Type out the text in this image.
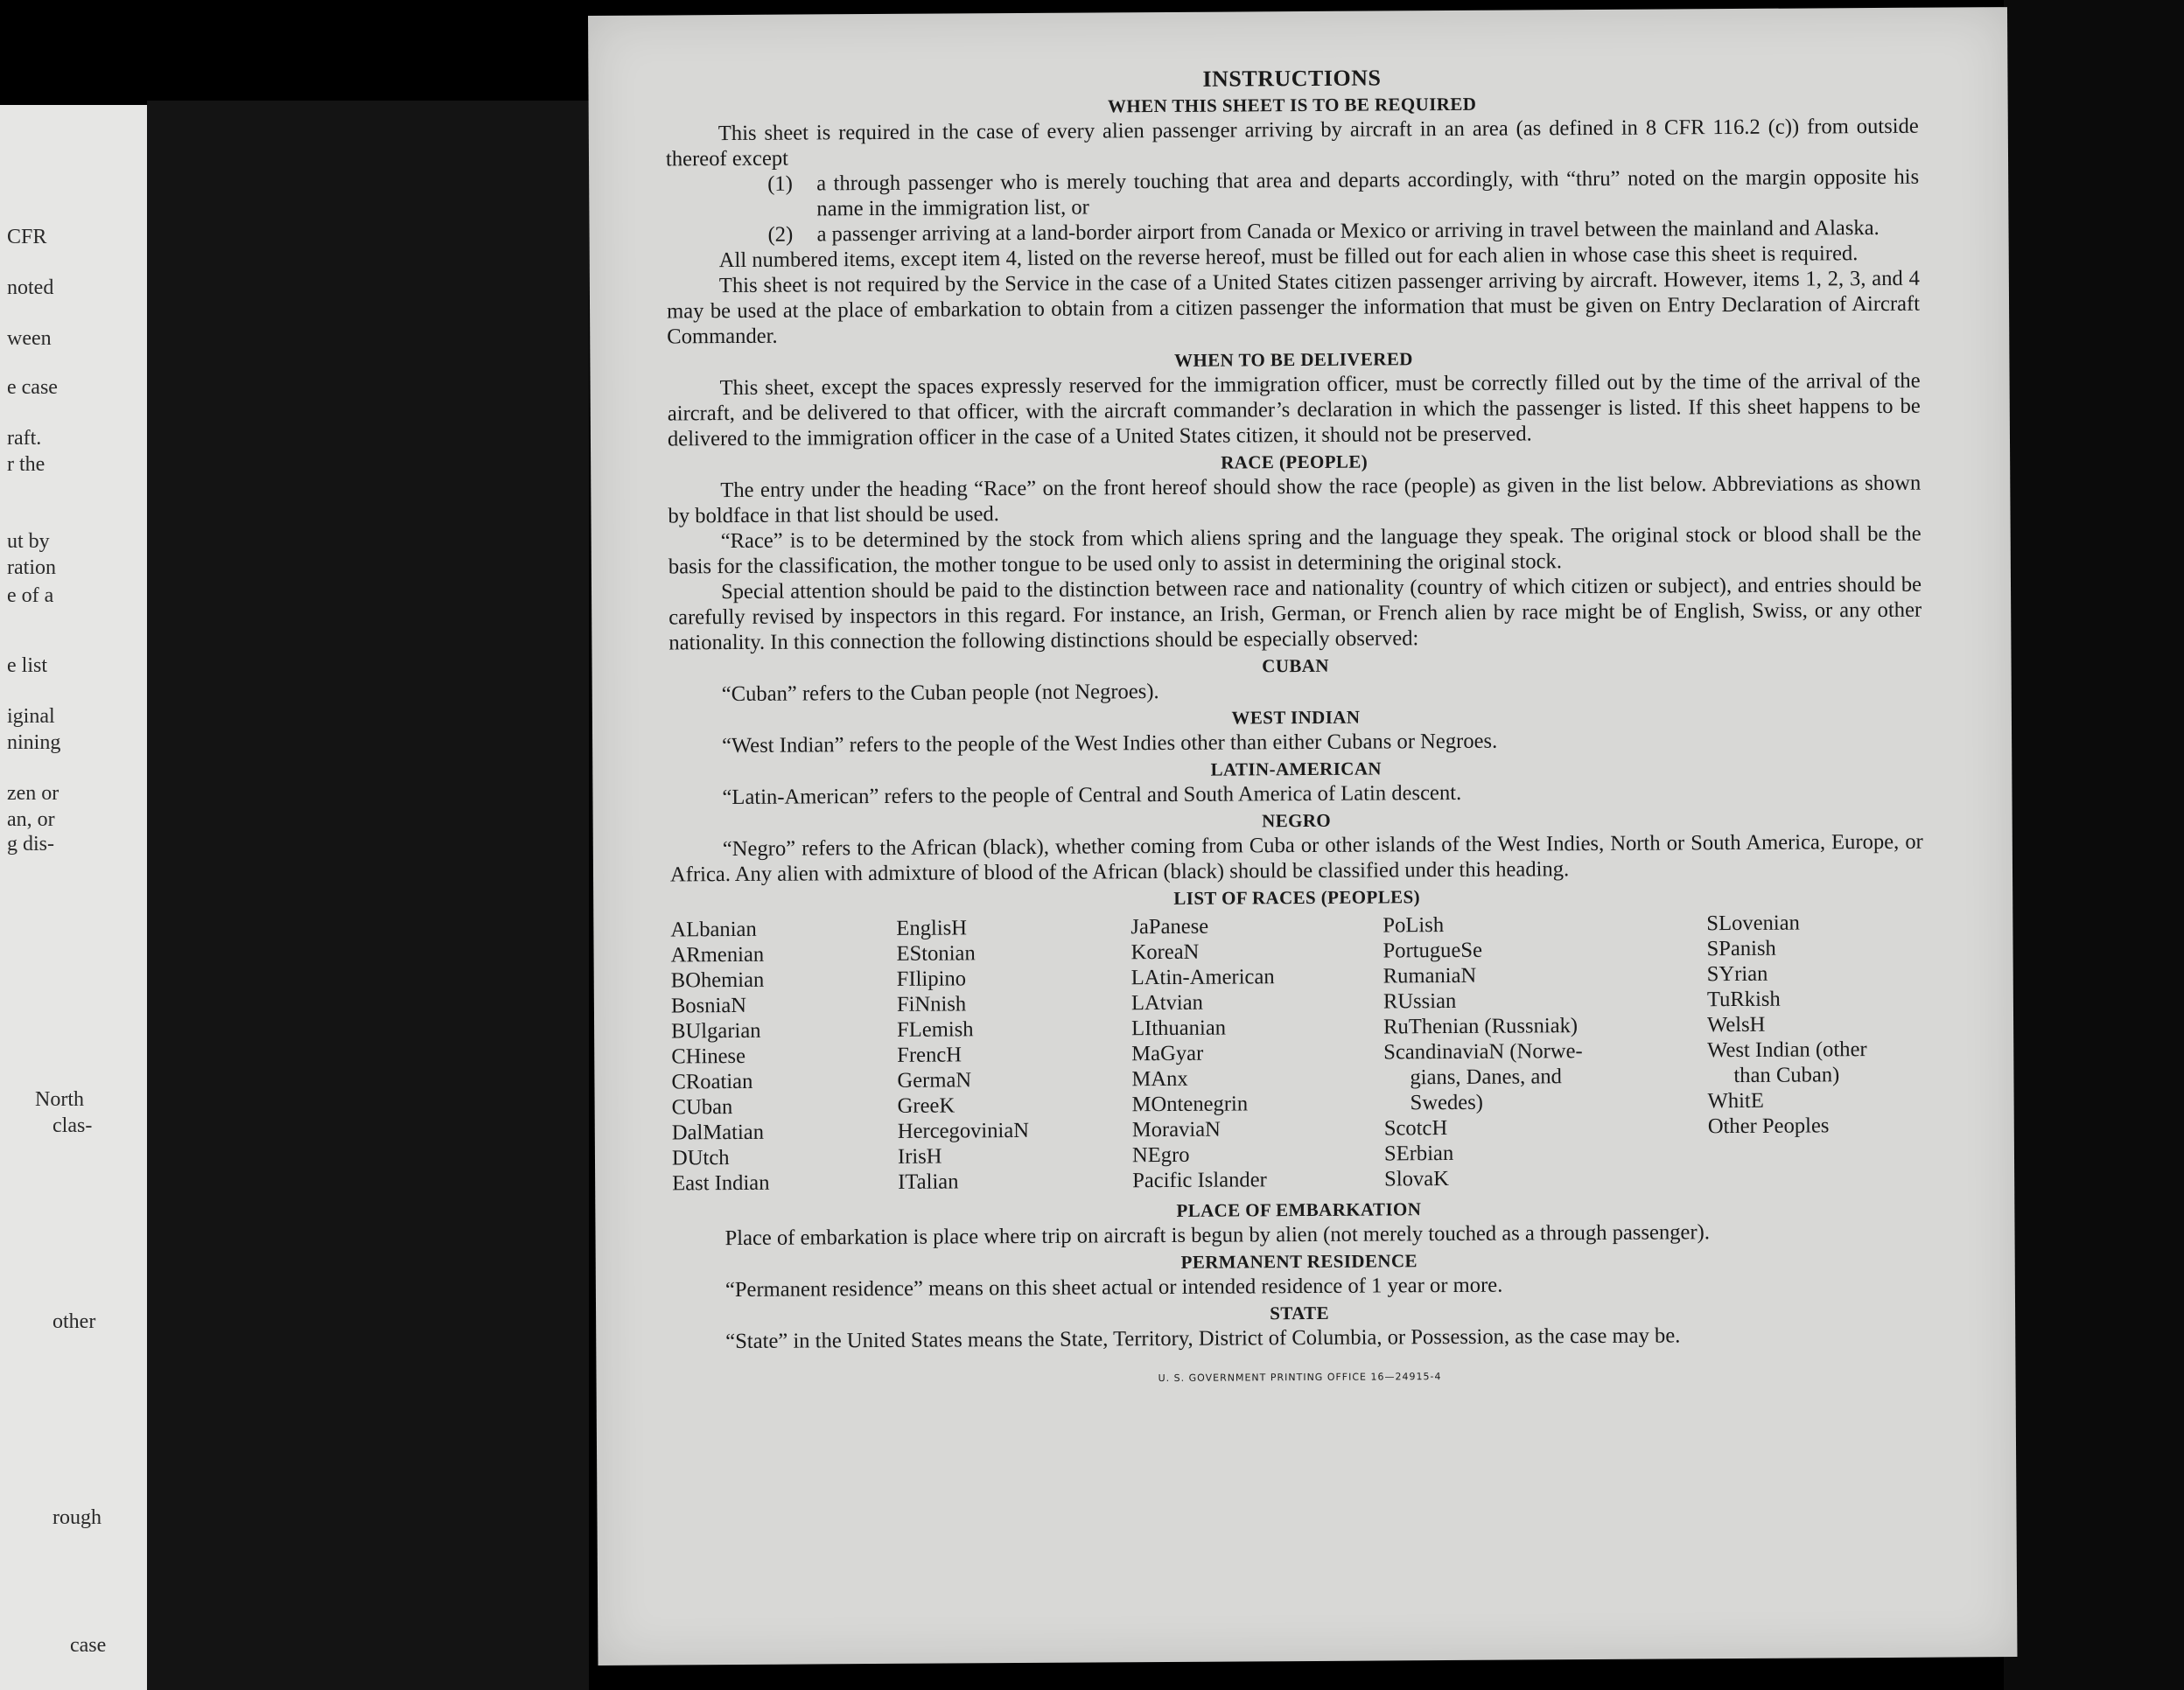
CFR
noted
ween
e case
raft.
r the
ut by
ration
e of a
e list
iginal
nining
zen or
an, or
g dis-
North
clas-
other
rough
case
INSTRUCTIONS
WHEN THIS SHEET IS TO BE REQUIRED

This sheet is required in the case of every alien passenger arriving by aircraft in an area (as defined in 8 CFR 116.2 (c)) from outside thereof except

(1)	a through passenger who is merely touching that area and departs accordingly, with “thru” noted on the margin opposite his name in the immigration list, or
(2)	a passenger arriving at a land-border airport from Canada or Mexico or arriving in travel between the mainland and Alaska.

All numbered items, except item 4, listed on the reverse hereof, must be filled out for each alien in whose case this sheet is required.

This sheet is not required by the Service in the case of a United States citizen passenger arriving by aircraft. However, items 1, 2, 3, and 4 may be used at the place of embarkation to obtain from a citizen passenger the information that must be given on Entry Declaration of Aircraft Commander.

WHEN TO BE DELIVERED

This sheet, except the spaces expressly reserved for the immigration officer, must be correctly filled out by the time of the arrival of the aircraft, and be delivered to that officer, with the aircraft commander’s declaration in which the passenger is listed. If this sheet happens to be delivered to the immigration officer in the case of a United States citizen, it should not be preserved.

RACE (PEOPLE)

The entry under the heading “Race” on the front hereof should show the race (people) as given in the list below. Abbreviations as shown by boldface in that list should be used.

“Race” is to be determined by the stock from which aliens spring and the language they speak. The original stock or blood shall be the basis for the classification, the mother tongue to be used only to assist in determining the original stock.

Special attention should be paid to the distinction between race and nationality (country of which citizen or subject), and entries should be carefully revised by inspectors in this regard. For instance, an Irish, German, or French alien by race might be of English, Swiss, or any other nationality. In this connection the following distinctions should be especially observed:

CUBAN

“Cuban” refers to the Cuban people (not Negroes).

WEST INDIAN

“West Indian” refers to the people of the West Indies other than either Cubans or Negroes.

LATIN-AMERICAN

“Latin-American” refers to the people of Central and South America of Latin descent.

NEGRO

“Negro” refers to the African (black), whether coming from Cuba or other islands of the West Indies, North or South America, Europe, or Africa. Any alien with admixture of blood of the African (black) should be classified under this heading.

LIST OF RACES (PEOPLES)
ALbanian
ARmenian
BOhemian
BosniaN
BUlgarian
CHinese
CRoatian
CUban
DalMatian
DUtch
East Indian
EnglisH
EStonian
FIlipino
FiNnish
FLemish
FrencH
GermaN
GreeK
HercegoviniaN
IrisH
ITalian
JaPanese
KoreaN
LAtin-American
LAtvian
LIthuanian
MaGyar
MAnx
MOntenegrin
MoraviaN
NEgro
Pacific Islander
PoLish
PortugueSe
RumaniaN
RUssian
RuThenian (Russniak)
ScandinaviaN (Norwe-
gians, Danes, and
Swedes)
ScotcH
SErbian
SlovaK
SLovenian
SPanish
SYrian
TuRkish
WelsH
West Indian (other
than Cuban)
WhitE
Other Peoples
PLACE OF EMBARKATION

Place of embarkation is place where trip on aircraft is begun by alien (not merely touched as a through passenger).

PERMANENT RESIDENCE

“Permanent residence” means on this sheet actual or intended residence of 1 year or more.

STATE

“State” in the United States means the State, Territory, District of Columbia, or Possession, as the case may be.

U. S. GOVERNMENT PRINTING OFFICE 16—24915-4
